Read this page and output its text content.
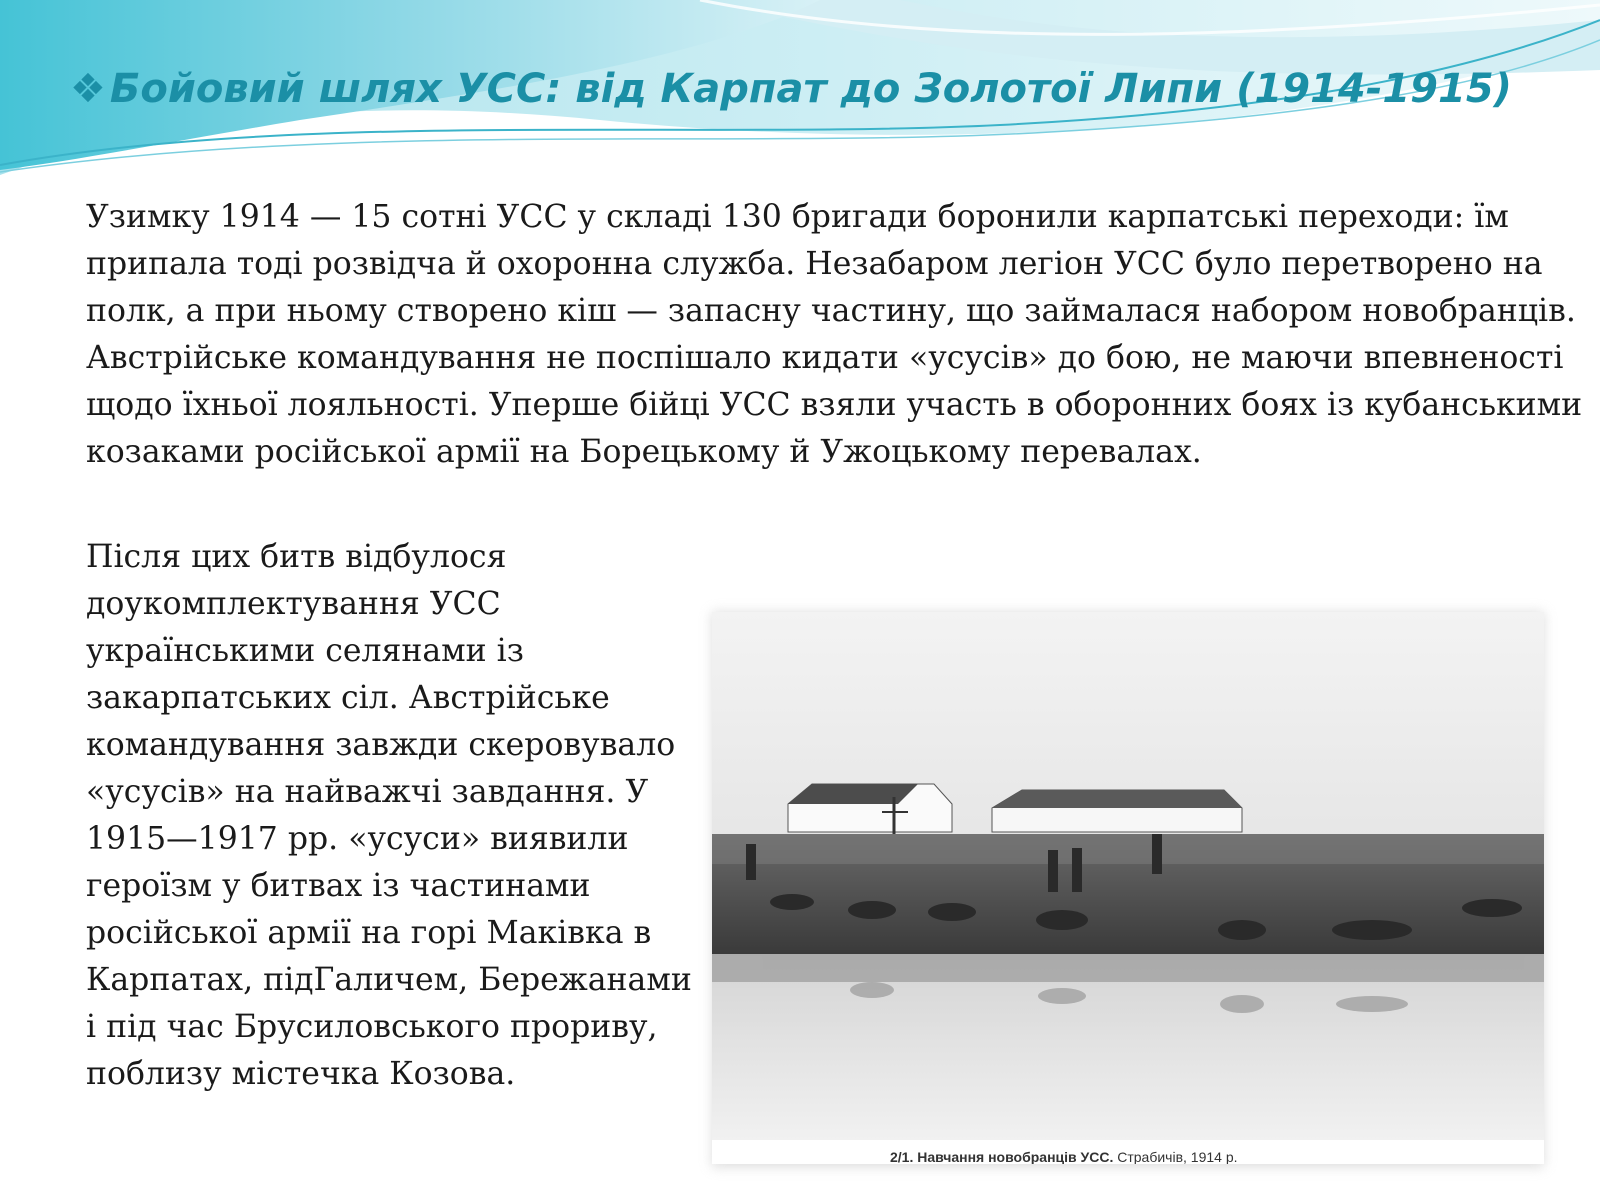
❖ Бойовий шлях УСС: від Карпат до Золотої Липи (1914-1915)

Узимку 1914 — 15 сотні УСС у складі 130 бригади боронили карпатські переходи: їм припала тоді розвідча й охоронна служба. Незабаром легіон УСС було перетворено на полк, а при ньому створено кіш — запасну частину, що займалася набором новобранців. Австрійське командування не поспішало кидати «усусів» до бою, не маючи впевненості щодо їхньої лояльності. Уперше бійці УСС взяли участь в оборонних боях із кубанськими козаками російської армії на Борецькому й Ужоцькому перевалах.

Після цих битв відбулося доукомплектування УСС українськими селянами із закарпатських сіл. Австрійське командування завжди скеровувало «усусів» на найважчі завдання. У 1915—1917 рр. «усуси» виявили героїзм у битвах із частинами російської армії на горі Маківка в Карпатах, підГаличем, Бережанами і під час Брусиловського прориву, поблизу містечка Козова.

2/1. Навчання новобранців УСС. Страбичів, 1914 р.
